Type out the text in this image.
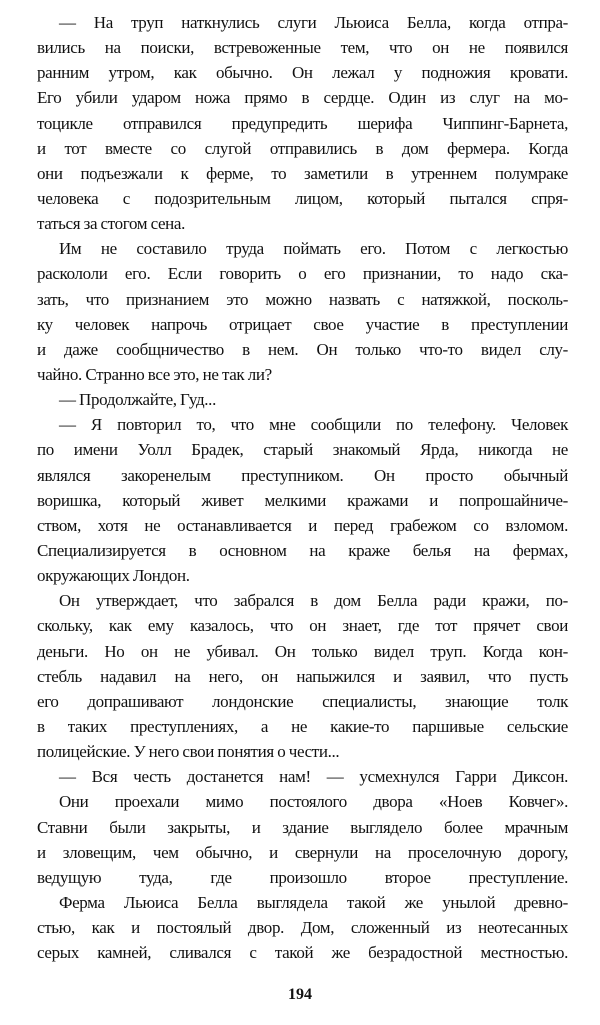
— На труп наткнулись слуги Льюиса Белла, когда отпра-
вились на поиски, встревоженные тем, что он не появился
ранним утром, как обычно. Он лежал у подножия кровати.
Его убили ударом ножа прямо в сердце. Один из слуг на мо-
тоцикле отправился предупредить шерифа Чиппинг-Барнета,
и тот вместе со слугой отправились в дом фермера. Когда
они подъезжали к ферме, то заметили в утреннем полумраке
человека с подозрительным лицом, который пытался спря-
таться за стогом сена.
Им не составило труда поймать его. Потом с легкостью
раскололи его. Если говорить о его признании, то надо ска-
зать, что признанием это можно назвать с натяжкой, посколь-
ку человек напрочь отрицает свое участие в преступлении
и даже сообщничество в нем. Он только что-то видел слу-
чайно. Странно все это, не так ли?
— Продолжайте, Гуд...
— Я повторил то, что мне сообщили по телефону. Человек
по имени Уолл Брадек, старый знакомый Ярда, никогда не
являлся закоренелым преступником. Он просто обычный
воришка, который живет мелкими кражами и попрошайниче-
ством, хотя не останавливается и перед грабежом со взломом.
Специализируется в основном на краже белья на фермах,
окружающих Лондон.
Он утверждает, что забрался в дом Белла ради кражи, по-
скольку, как ему казалось, что он знает, где тот прячет свои
деньги. Но он не убивал. Он только видел труп. Когда кон-
стебль надавил на него, он напыжился и заявил, что пусть
его допрашивают лондонские специалисты, знающие толк
в таких преступлениях, а не какие-то паршивые сельские
полицейские. У него свои понятия о чести...
— Вся честь достанется нам! — усмехнулся Гарри Диксон.
Они проехали мимо постоялого двора «Ноев Ковчег».
Ставни были закрыты, и здание выглядело более мрачным
и зловещим, чем обычно, и свернули на проселочную дорогу,
ведущую туда, где произошло второе преступление.
Ферма Льюиса Белла выглядела такой же унылой древно-
стью, как и постоялый двор. Дом, сложенный из неотесанных
серых камней, сливался с такой же безрадостной местностью.
194
